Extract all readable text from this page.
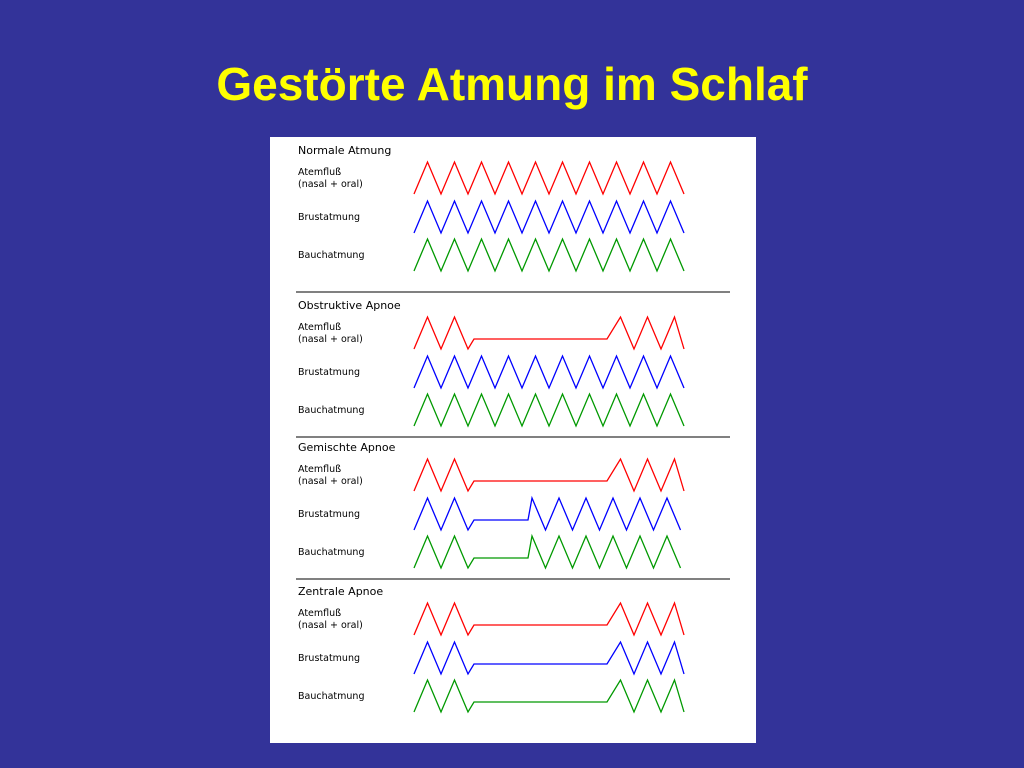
Gestörte Atmung im Schlaf
Normale Atmung
Atemfluß
(nasal + oral)
Brustatmung
Bauchatmung
Obstruktive Apnoe
Atemfluß
(nasal + oral)
Brustatmung
Bauchatmung
Gemischte Apnoe
Atemfluß
(nasal + oral)
Brustatmung
Bauchatmung
Zentrale Apnoe
Atemfluß
(nasal + oral)
Brustatmung
Bauchatmung
